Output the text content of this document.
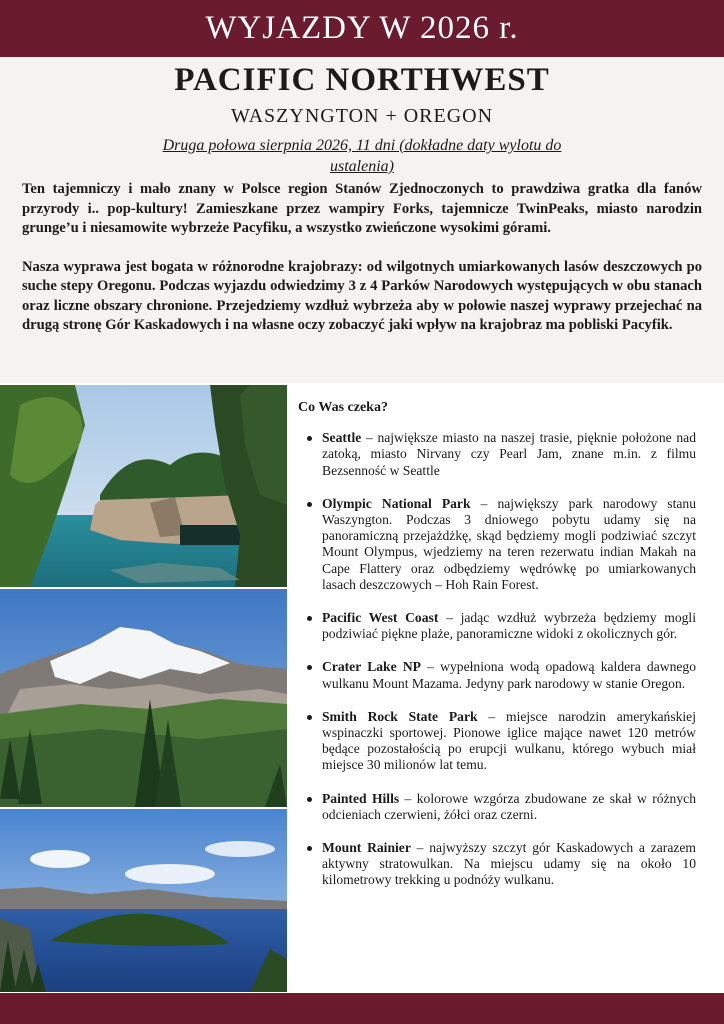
WYJAZDY W 2026 r.
PACIFIC NORTHWEST
WASZYNGTON + OREGON
Druga połowa sierpnia 2026, 11 dni (dokładne daty wylotu do ustalenia)

Ten tajemniczy i mało znany w Polsce region Stanów Zjednoczonych to prawdziwa gratka dla fanów przyrody i.. pop-kultury! Zamieszkane przez wampiry Forks, tajemnicze TwinPeaks, miasto narodzin grunge’u i niesamowite wybrzeże Pacyfiku, a wszystko zwieńczone wysokimi górami.

Nasza wyprawa jest bogata w różnorodne krajobrazy: od wilgotnych umiarkowanych lasów deszczowych po suche stepy Oregonu. Podczas wyjazdu odwiedzimy 3 z 4 Parków Narodowych występujących w obu stanach oraz liczne obszary chronione. Przejedziemy wzdłuż wybrzeża aby w połowie naszej wyprawy przejechać na drugą stronę Gór Kaskadowych i na własne oczy zobaczyć jaki wpływ na krajobraz ma pobliski Pacyfik.

Co Was czeka?
Seattle – największe miasto na naszej trasie, pięknie położone nad zatoką, miasto Nirvany czy Pearl Jam, znane m.in. z filmu Bezsenność w Seattle
Olympic National Park – największy park narodowy stanu Waszyngton. Podczas 3 dniowego pobytu udamy się na panoramiczną przejażdżkę, skąd będziemy mogli podziwiać szczyt Mount Olympus, wjedziemy na teren rezerwatu indian Makah na Cape Flattery oraz odbędziemy wędrówkę po umiarkowanych lasach deszczowych – Hoh Rain Forest.
Pacific West Coast – jadąc wzdłuż wybrzeża będziemy mogli podziwiać piękne plaże, panoramiczne widoki z okolicznych gór.
Crater Lake NP – wypełniona wodą opadową kaldera dawnego wulkanu Mount Mazama. Jedyny park narodowy w stanie Oregon.
Smith Rock State Park – miejsce narodzin amerykańskiej wspinaczki sportowej. Pionowe iglice mające nawet 120 metrów będące pozostałością po erupcji wulkanu, którego wybuch miał miejsce 30 milionów lat temu.
Painted Hills – kolorowe wzgórza zbudowane ze skał w różnych odcieniach czerwieni, żółci oraz czerni.
Mount Rainier – najwyższy szczyt gór Kaskadowych a zarazem aktywny stratowulkan. Na miejscu udamy się na około 10 kilometrowy trekking u podnóży wulkanu.
